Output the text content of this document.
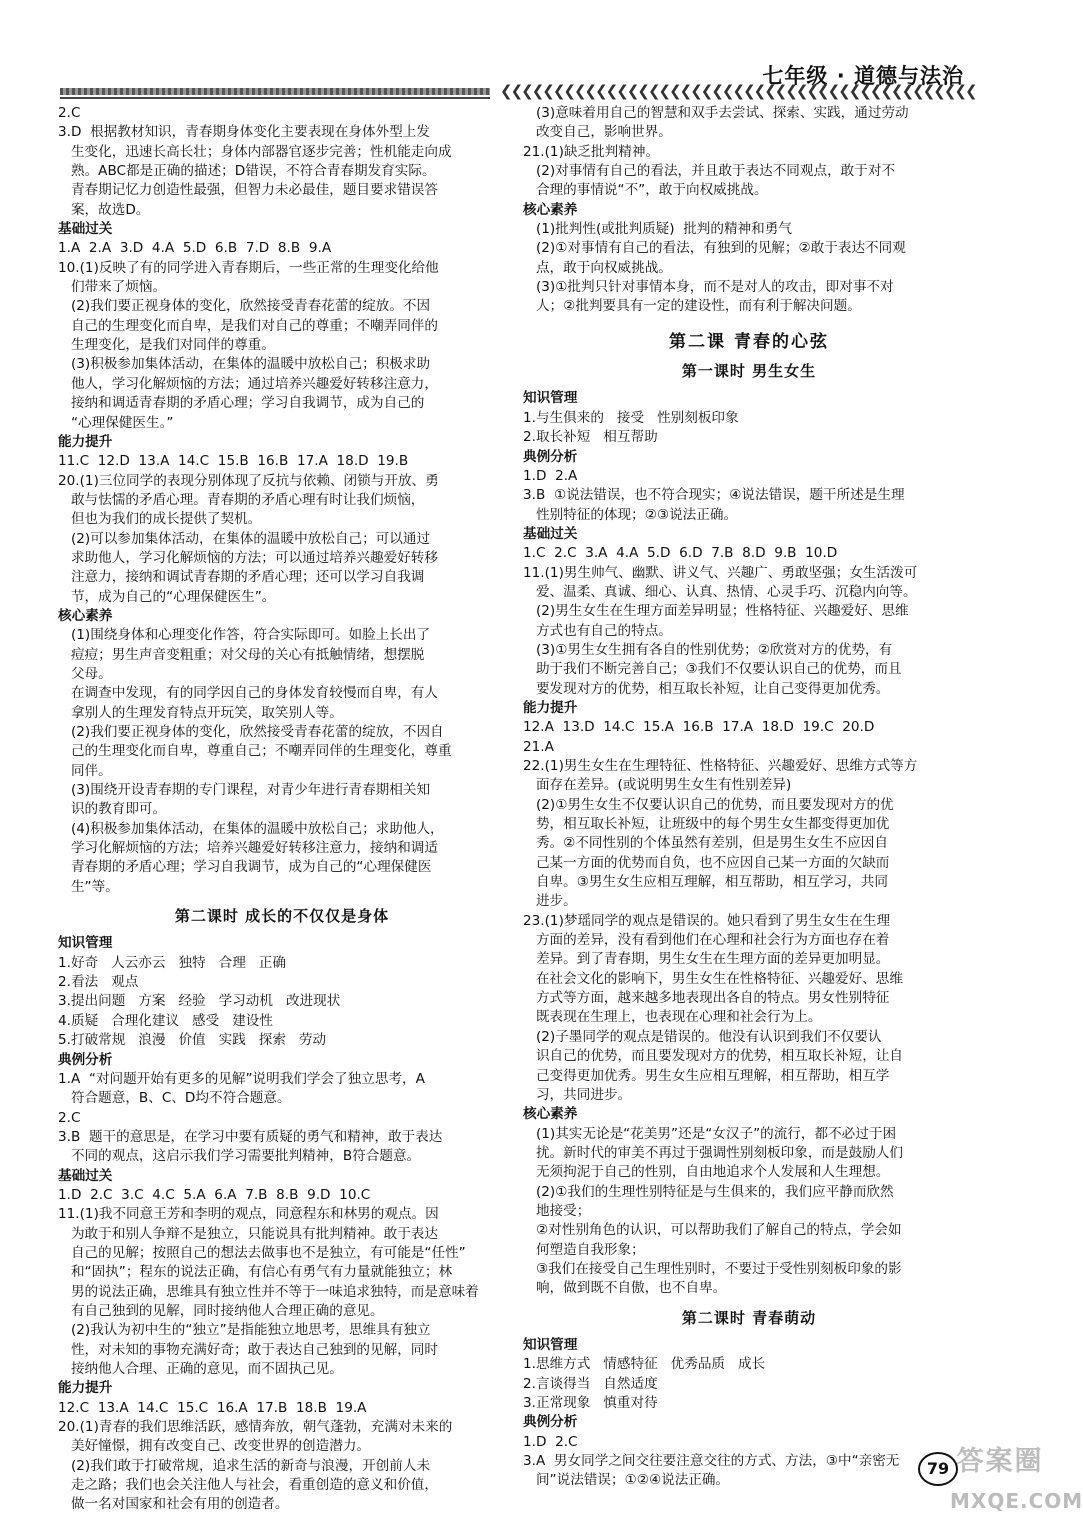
七年级 · 道德与法治
❮❮❮❮❮❮❮❮❮❮❮❮❮❮❮❮❮❮❮❮❮❮❮❮❮❮❮❮❮❮❮❮❮❮❮❮❮❮❮❮❮❮❮❮❮
2.C
3.D  根据教材知识，青春期身体变化主要表现在身体外型上发
生变化，迅速长高长壮；身体内部器官逐步完善；性机能走向成
熟。ABC都是正确的描述；D错误，不符合青春期发育实际。
青春期记忆力创造性最强，但智力未必最佳，题目要求错误答
案，故选D。
基础过关
1.A  2.A  3.D  4.A  5.D  6.B  7.D  8.B  9.A
10.(1)反映了有的同学进入青春期后，一些正常的生理变化给他
们带来了烦恼。
(2)我们要正视身体的变化，欣然接受青春花蕾的绽放。不因
自己的生理变化而自卑，是我们对自己的尊重；不嘲弄同伴的
生理变化，是我们对同伴的尊重。
(3)积极参加集体活动，在集体的温暖中放松自己；积极求助
他人，学习化解烦恼的方法；通过培养兴趣爱好转移注意力，
接纳和调适青春期的矛盾心理；学习自我调节，成为自己的
“心理保健医生。”
能力提升
11.C  12.D  13.A  14.C  15.B  16.B  17.A  18.D  19.B
20.(1)三位同学的表现分别体现了反抗与依赖、闭锁与开放、勇
敢与怯懦的矛盾心理。青春期的矛盾心理有时让我们烦恼，
但也为我们的成长提供了契机。
(2)可以参加集体活动，在集体的温暖中放松自己；可以通过
求助他人，学习化解烦恼的方法；可以通过培养兴趣爱好转移
注意力，接纳和调试青春期的矛盾心理；还可以学习自我调
节，成为自己的“心理保健医生”。
核心素养
(1)围绕身体和心理变化作答，符合实际即可。如脸上长出了
痘痘；男生声音变粗重；对父母的关心有抵触情绪，想摆脱
父母。
在调查中发现，有的同学因自己的身体发育较慢而自卑，有人
拿别人的生理发育特点开玩笑，取笑别人等。
(2)我们要正视身体的变化，欣然接受青春花蕾的绽放，不因自
己的生理变化而自卑，尊重自己；不嘲弄同伴的生理变化，尊重
同伴。
(3)围绕开设青春期的专门课程，对青少年进行青春期相关知
识的教育即可。
(4)积极参加集体活动，在集体的温暖中放松自己；求助他人，
学习化解烦恼的方法；培养兴趣爱好转移注意力，接纳和调适
青春期的矛盾心理；学习自我调节，成为自己的“心理保健医
生”等。
第二课时 成长的不仅仅是身体
知识管理
1.好奇   人云亦云   独特   合理   正确
2.看法   观点
3.提出问题   方案   经验   学习动机   改进现状
4.质疑   合理化建议   感受   建设性
5.打破常规   浪漫   价值   实践   探索   劳动
典例分析
1.A  “对问题开始有更多的见解”说明我们学会了独立思考，A
符合题意，B、C、D均不符合题意。
2.C
3.B  题干的意思是，在学习中要有质疑的勇气和精神，敢于表达
不同的观点，这启示我们学习需要批判精神，B符合题意。
基础过关
1.D  2.C  3.C  4.C  5.A  6.A  7.B  8.B  9.D  10.C
11.(1)我不同意王芳和李明的观点，同意程东和林男的观点。因
为敢于和别人争辩不是独立，只能说具有批判精神。敢于表达
自己的见解；按照自己的想法去做事也不是独立，有可能是“任性”
和“固执”；程东的说法正确，有信心有勇气有力量就能独立；林
男的说法正确，思维具有独立性并不等于一味追求独特，而是意味着
有自己独到的见解，同时接纳他人合理正确的意见。
(2)我认为初中生的“独立”是指能独立地思考，思维具有独立
性，对未知的事物充满好奇；敢于表达自己独到的见解，同时
接纳他人合理、正确的意见，而不固执己见。
能力提升
12.C  13.A  14.C  15.C  16.A  17.B  18.B  19.A
20.(1)青春的我们思维活跃，感情奔放，朝气蓬勃，充满对未来的
美好憧憬，拥有改变自己、改变世界的创造潜力。
(2)我们敢于打破常规，追求生活的新奇与浪漫，开创前人未
走之路；我们也会关注他人与社会，看重创造的意义和价值，
做一名对国家和社会有用的创造者。
(3)意味着用自己的智慧和双手去尝试、探索、实践，通过劳动
改变自己，影响世界。
21.(1)缺乏批判精神。
(2)对事情有自己的看法，并且敢于表达不同观点，敢于对不
合理的事情说“不”，敢于向权威挑战。
核心素养
(1)批判性(或批判质疑)  批判的精神和勇气
(2)①对事情有自己的看法，有独到的见解；②敢于表达不同观
点，敢于向权威挑战。
(3)①批判只针对事情本身，而不是对人的攻击，即对事不对
人；②批判要具有一定的建设性，而有利于解决问题。
第二课 青春的心弦
第一课时 男生女生
知识管理
1.与生俱来的   接受   性别刻板印象
2.取长补短   相互帮助
典例分析
1.D  2.A
3.B  ①说法错误，也不符合现实；④说法错误，题干所述是生理
性别特征的体现；②③说法正确。
基础过关
1.C  2.C  3.A  4.A  5.D  6.D  7.B  8.D  9.B  10.D
11.(1)男生帅气、幽默、讲义气、兴趣广、勇敢坚强；女生活泼可
爱、温柔、真诚、细心、认真、热情、心灵手巧、沉稳内向等。
(2)男生女生在生理方面差异明显；性格特征、兴趣爱好、思维
方式也有自己的特点。
(3)①男生女生拥有各自的性别优势；②欣赏对方的优势，有
助于我们不断完善自己；③我们不仅要认识自己的优势，而且
要发现对方的优势，相互取长补短，让自己变得更加优秀。
能力提升
12.A  13.D  14.C  15.A  16.B  17.A  18.D  19.C  20.D
21.A
22.(1)男生女生在生理特征、性格特征、兴趣爱好、思维方式等方
面存在差异。(或说明男生女生有性别差异)
(2)①男生女生不仅要认识自己的优势，而且要发现对方的优
势，相互取长补短，让班级中的每个男生女生都变得更加优
秀。②不同性别的个体虽然有差别，但是男生女生不应因自
己某一方面的优势而自负，也不应因自己某一方面的欠缺而
自卑。③男生女生应相互理解，相互帮助，相互学习，共同
进步。
23.(1)梦瑶同学的观点是错误的。她只看到了男生女生在生理
方面的差异，没有看到他们在心理和社会行为方面也存在着
差异。到了青春期，男生女生在生理方面的差异更加明显。
在社会文化的影响下，男生女生在性格特征、兴趣爱好、思维
方式等方面，越来越多地表现出各自的特点。男女性别特征
既表现在生理上，也表现在心理和社会行为上。
(2)子墨同学的观点是错误的。他没有认识到我们不仅要认
识自己的优势，而且要发现对方的优势，相互取长补短，让自
己变得更加优秀。男生女生应相互理解，相互帮助，相互学
习，共同进步。
核心素养
(1)其实无论是“花美男”还是“女汉子”的流行，都不必过于困
扰。新时代的审美不再过于强调性别刻板印象，而是鼓励人们
无须拘泥于自己的性别，自由地追求个人发展和人生理想。
(2)①我们的生理性别特征是与生俱来的，我们应平静而欣然
地接受；
②对性别角色的认识，可以帮助我们了解自己的特点，学会如
何塑造自我形象；
③我们在接受自己生理性别时，不要过于受性别刻板印象的影
响，做到既不自傲，也不自卑。
第二课时 青春萌动
知识管理
1.思维方式   情感特征   优秀品质   成长
2.言谈得当   自然适度
3.正常现象   慎重对待
典例分析
1.D  2.C
3.A  男女同学之间交往要注意交往的方式、方法，③中“亲密无
间”说法错误；①②④说法正确。
79 答案圈
MXQE.COM
